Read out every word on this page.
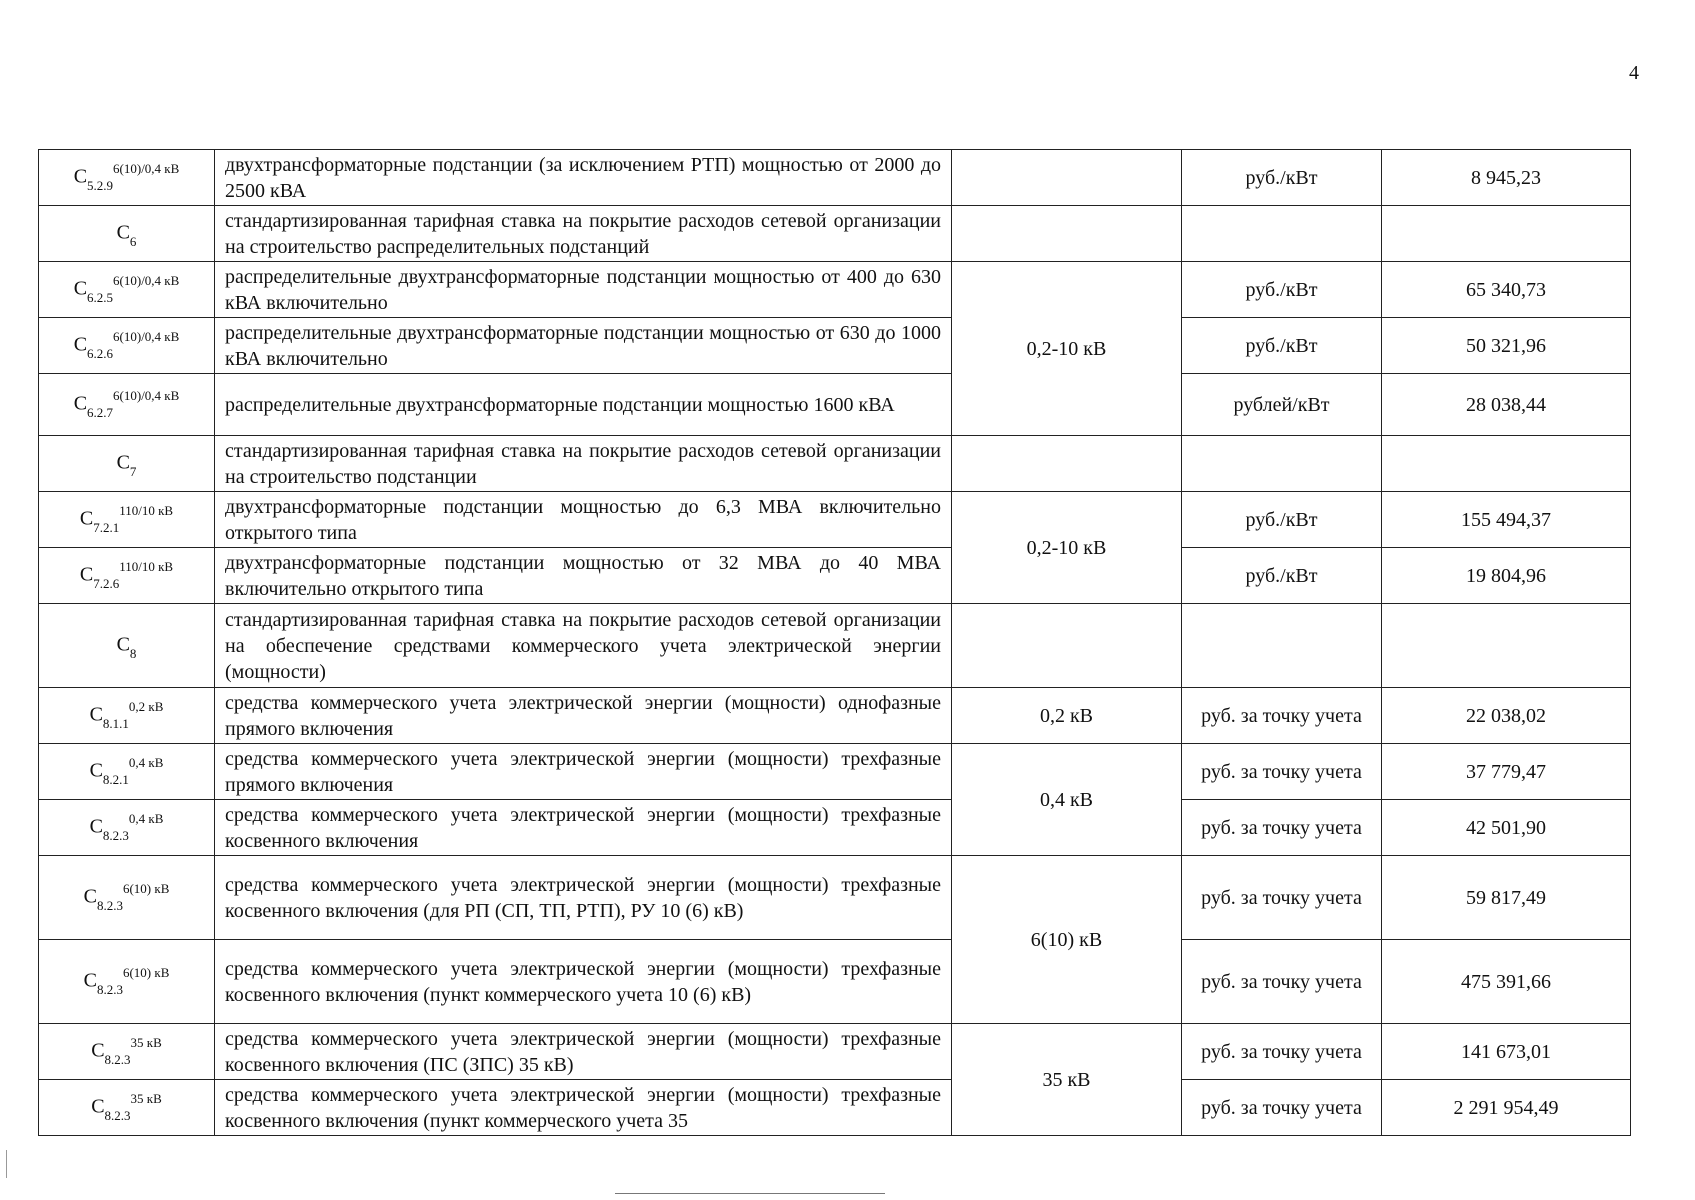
4
$C_{5.2.9}^{6(10)/0,4 кВ}$	двухтрансформаторные подстанции (за исключением РТП) мощностью от 2000 до 2500 кВА		руб./кВт	8 945,23
$C_6$	стандартизированная тарифная ставка на покрытие расходов сетевой организации на строительство распределительных подстанций			
$C_{6.2.5}^{6(10)/0,4 кВ}$	распределительные двухтрансформаторные подстанции мощностью от 400 до 630 кВА включительно	0,2-10 кВ	руб./кВт	65 340,73
$C_{6.2.6}^{6(10)/0,4 кВ}$	распределительные двухтрансформаторные подстанции мощностью от 630 до 1000 кВА включительно		руб./кВт	50 321,96
$C_{6.2.7}^{6(10)/0,4 кВ}$	распределительные двухтрансформаторные подстанции мощностью 1600 кВА		рублей/кВт	28 038,44
$C_7$	стандартизированная тарифная ставка на покрытие расходов сетевой организации на строительство подстанции			
$C_{7.2.1}^{110/10 кВ}$	двухтрансформаторные подстанции мощностью до 6,3 МВА включительно открытого типа	0,2-10 кВ	руб./кВт	155 494,37
$C_{7.2.6}^{110/10 кВ}$	двухтрансформаторные подстанции мощностью от 32 МВА до 40 МВА включительно открытого типа		руб./кВт	19 804,96
$C_8$	стандартизированная тарифная ставка на покрытие расходов сетевой организации на обеспечение средствами коммерческого учета электрической энергии (мощности)			
$C_{8.1.1}^{0,2 кВ}$	средства коммерческого учета электрической энергии (мощности) однофазные прямого включения	0,2 кВ	руб. за точку учета	22 038,02
$C_{8.2.1}^{0,4 кВ}$	средства коммерческого учета электрической энергии (мощности) трехфазные прямого включения	0,4 кВ	руб. за точку учета	37 779,47
$C_{8.2.3}^{0,4 кВ}$	средства коммерческого учета электрической энергии (мощности) трехфазные косвенного включения		руб. за точку учета	42 501,90
$C_{8.2.3}^{6(10) кВ}$	средства коммерческого учета электрической энергии (мощности) трехфазные косвенного включения (для РП (СП, ТП, РТП), РУ 10 (6) кВ)	6(10) кВ	руб. за точку учета	59 817,49
$C_{8.2.3}^{6(10) кВ}$	средства коммерческого учета электрической энергии (мощности) трехфазные косвенного включения (пункт коммерческого учета 10 (6) кВ)		руб. за точку учета	475 391,66
$C_{8.2.3}^{35 кВ}$	средства коммерческого учета электрической энергии (мощности) трехфазные косвенного включения (ПС (ЗПС) 35 кВ)	35 кВ	руб. за точку учета	141 673,01
$C_{8.2.3}^{35 кВ}$	средства коммерческого учета электрической энергии (мощности) трехфазные косвенного включения (пункт коммерческого учета 35		руб. за точку учета	2 291 954,49
